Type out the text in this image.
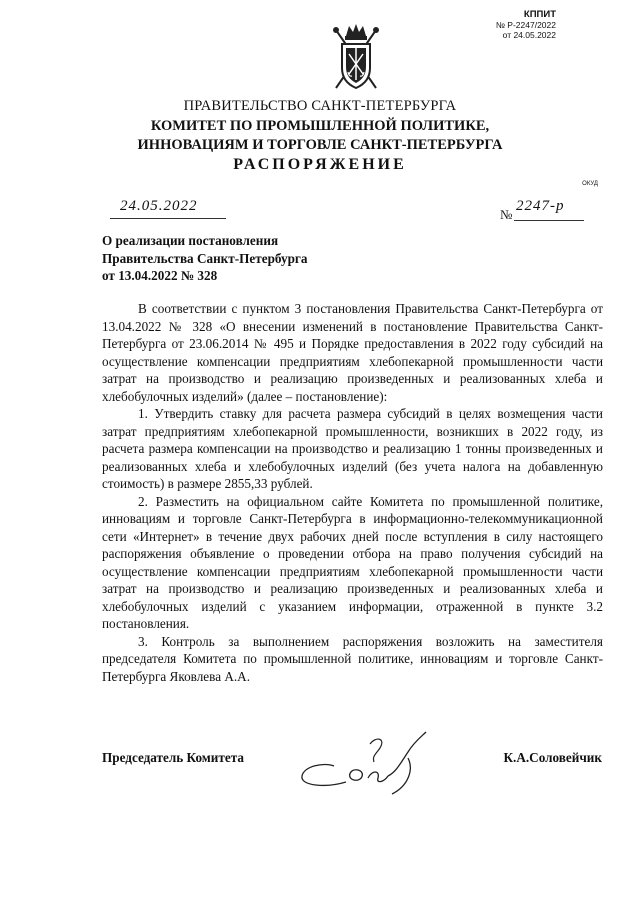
КППИТ
№ Р-2247/2022
от 24.05.2022
ПРАВИТЕЛЬСТВО САНКТ-ПЕТЕРБУРГА
КОМИТЕТ ПО ПРОМЫШЛЕННОЙ ПОЛИТИКЕ,
ИННОВАЦИЯМ И ТОРГОВЛЕ САНКТ-ПЕТЕРБУРГА
РАСПОРЯЖЕНИЕ
ОКУД
24.05.2022
№
2247-р
О реализации постановления
Правительства Санкт-Петербурга
от 13.04.2022 № 328

В соответствии с пунктом 3 постановления Правительства Санкт-Петербурга от 13.04.2022 № 328 «О внесении изменений в постановление Правительства Санкт-Петербурга от 23.06.2014 № 495 и Порядке предоставления в 2022 году субсидий на осуществление компенсации предприятиям хлебопекарной промышленности части затрат на производство и реализацию произведенных и реализованных хлеба и хлебобулочных изделий» (далее – постановление):

1. Утвердить ставку для расчета размера субсидий в целях возмещения части затрат предприятиям хлебопекарной промышленности, возникших в 2022 году, из расчета размера компенсации на производство и реализацию 1 тонны произведенных и реализованных хлеба и хлебобулочных изделий (без учета налога на добавленную стоимость) в размере 2855,33 рублей.

2. Разместить на официальном сайте Комитета по промышленной политике, инновациям и торговле Санкт-Петербурга в информационно-телекоммуникационной сети «Интернет» в течение двух рабочих дней после вступления в силу настоящего распоряжения объявление о проведении отбора на право получения субсидий на осуществление компенсации предприятиям хлебопекарной промышленности части затрат на производство и реализацию произведенных и реализованных хлеба и хлебобулочных изделий с указанием информации, отраженной в пункте 3.2 постановления.

3. Контроль за выполнением распоряжения возложить на заместителя председателя Комитета по промышленной политике, инновациям и торговле Санкт-Петербурга Яковлева А.А.

Председатель Комитета	К.А.Соловейчик
